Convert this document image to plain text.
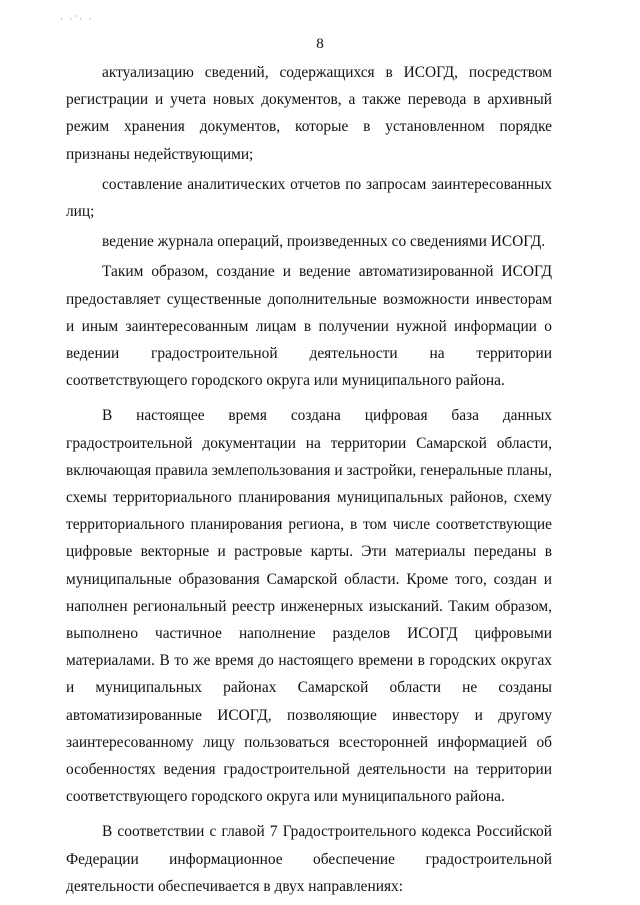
· ·˙· ·
8

актуализацию сведений, содержащихся в ИСОГД, посредством регистрации и учета новых документов, а также перевода в архивный режим хранения документов, которые в установленном порядке признаны недействующими;

составление аналитических отчетов по запросам заинтересованных лиц;

ведение журнала операций, произведенных со сведениями ИСОГД.

Таким образом, создание и ведение автоматизированной ИСОГД предоставляет существенные дополнительные возможности инвесторам и иным заинтересованным лицам в получении нужной информации о ведении градостроительной деятельности на территории соответствующего городского округа или муниципального района.

В настоящее время создана цифровая база данных градостроительной документации на территории Самарской области, включающая правила землепользования и застройки, генеральные планы, схемы территориального планирования муниципальных районов, схему территориального планирования региона, в том числе соответствующие цифровые векторные и растровые карты. Эти материалы переданы в муниципальные образования Самарской области. Кроме того, создан и наполнен региональный реестр инженерных изысканий. Таким образом, выполнено частичное наполнение разделов ИСОГД цифровыми материалами. В то же время до настоящего времени в городских округах и муниципальных районах Самарской области не созданы автоматизированные ИСОГД, позволяющие инвестору и другому заинтересованному лицу пользоваться всесторонней информацией об особенностях ведения градостроительной деятельности на территории соответствующего городского округа или муниципального района.

В соответствии с главой 7 Градостроительного кодекса Российской Федерации информационное обеспечение градостроительной деятельности обеспечивается в двух направлениях:
